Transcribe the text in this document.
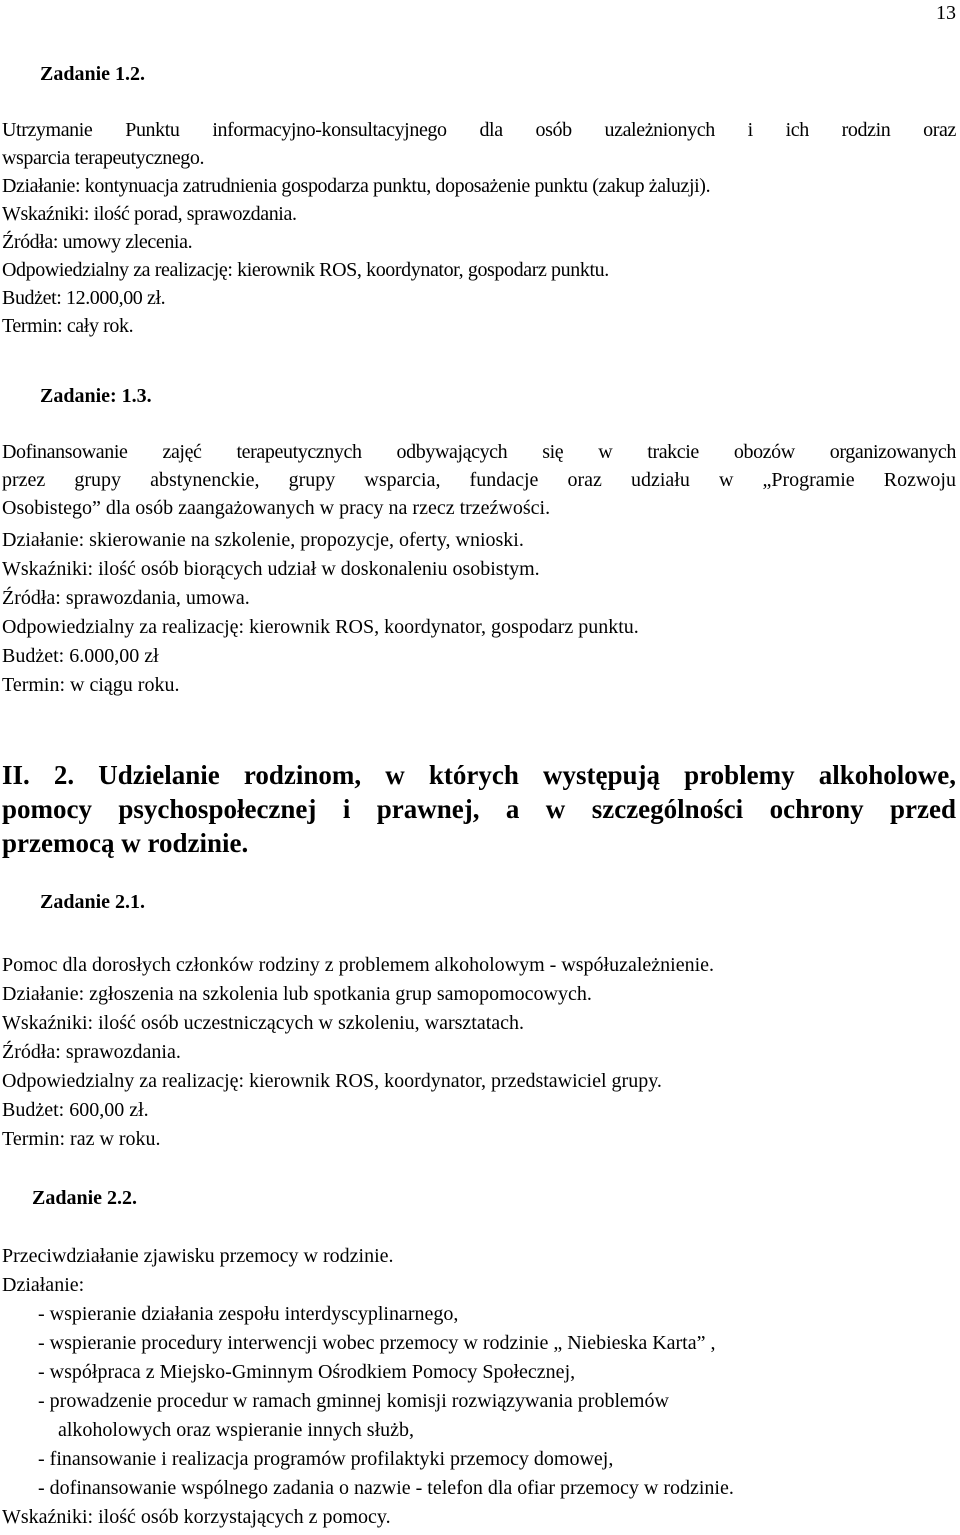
13
Zadanie 1.2.
Utrzymanie Punktu informacyjno-konsultacyjnego dla osób uzależnionych i ich rodzin oraz
wsparcia terapeutycznego.
Działanie: kontynuacja zatrudnienia gospodarza punktu, doposażenie punktu (zakup żaluzji).
Wskaźniki: ilość porad, sprawozdania.
Źródła: umowy zlecenia.
Odpowiedzialny za realizację: kierownik ROS, koordynator, gospodarz punktu.
Budżet: 12.000,00 zł.
Termin: cały rok.
Zadanie: 1.3.
Dofinansowanie zajęć terapeutycznych odbywających się w trakcie obozów organizowanych
przez grupy abstynenckie, grupy wsparcia, fundacje oraz udziału w „Programie Rozwoju
Osobistego” dla osób zaangażowanych w pracy na rzecz trzeźwości.
Działanie: skierowanie na szkolenie, propozycje, oferty, wnioski.
Wskaźniki: ilość osób biorących udział w doskonaleniu osobistym.
Źródła: sprawozdania, umowa.
Odpowiedzialny za realizację: kierownik ROS, koordynator, gospodarz punktu.
Budżet: 6.000,00 zł
Termin: w ciągu roku.
II. 2. Udzielanie rodzinom, w których występują problemy alkoholowe,
pomocy psychospołecznej i prawnej, a w szczególności ochrony przed
przemocą w rodzinie.
Zadanie 2.1.
Pomoc dla dorosłych członków rodziny z problemem alkoholowym - współuzależnienie.
Działanie: zgłoszenia na szkolenia lub spotkania grup samopomocowych.
Wskaźniki: ilość osób uczestniczących w szkoleniu, warsztatach.
Źródła: sprawozdania.
Odpowiedzialny za realizację: kierownik ROS, koordynator, przedstawiciel grupy.
Budżet: 600,00 zł.
Termin: raz w roku.
Zadanie 2.2.
Przeciwdziałanie zjawisku przemocy w rodzinie.
Działanie:
- wspieranie działania zespołu interdyscyplinarnego,
- wspieranie procedury interwencji wobec przemocy w rodzinie „ Niebieska Karta” ,
- współpraca z Miejsko-Gminnym Ośrodkiem Pomocy Społecznej,
- prowadzenie procedur w ramach gminnej komisji rozwiązywania problemów
alkoholowych oraz wspieranie innych służb,
- finansowanie i realizacja programów profilaktyki przemocy domowej,
- dofinansowanie wspólnego zadania o nazwie - telefon dla ofiar przemocy w rodzinie.
Wskaźniki: ilość osób korzystających z pomocy.
